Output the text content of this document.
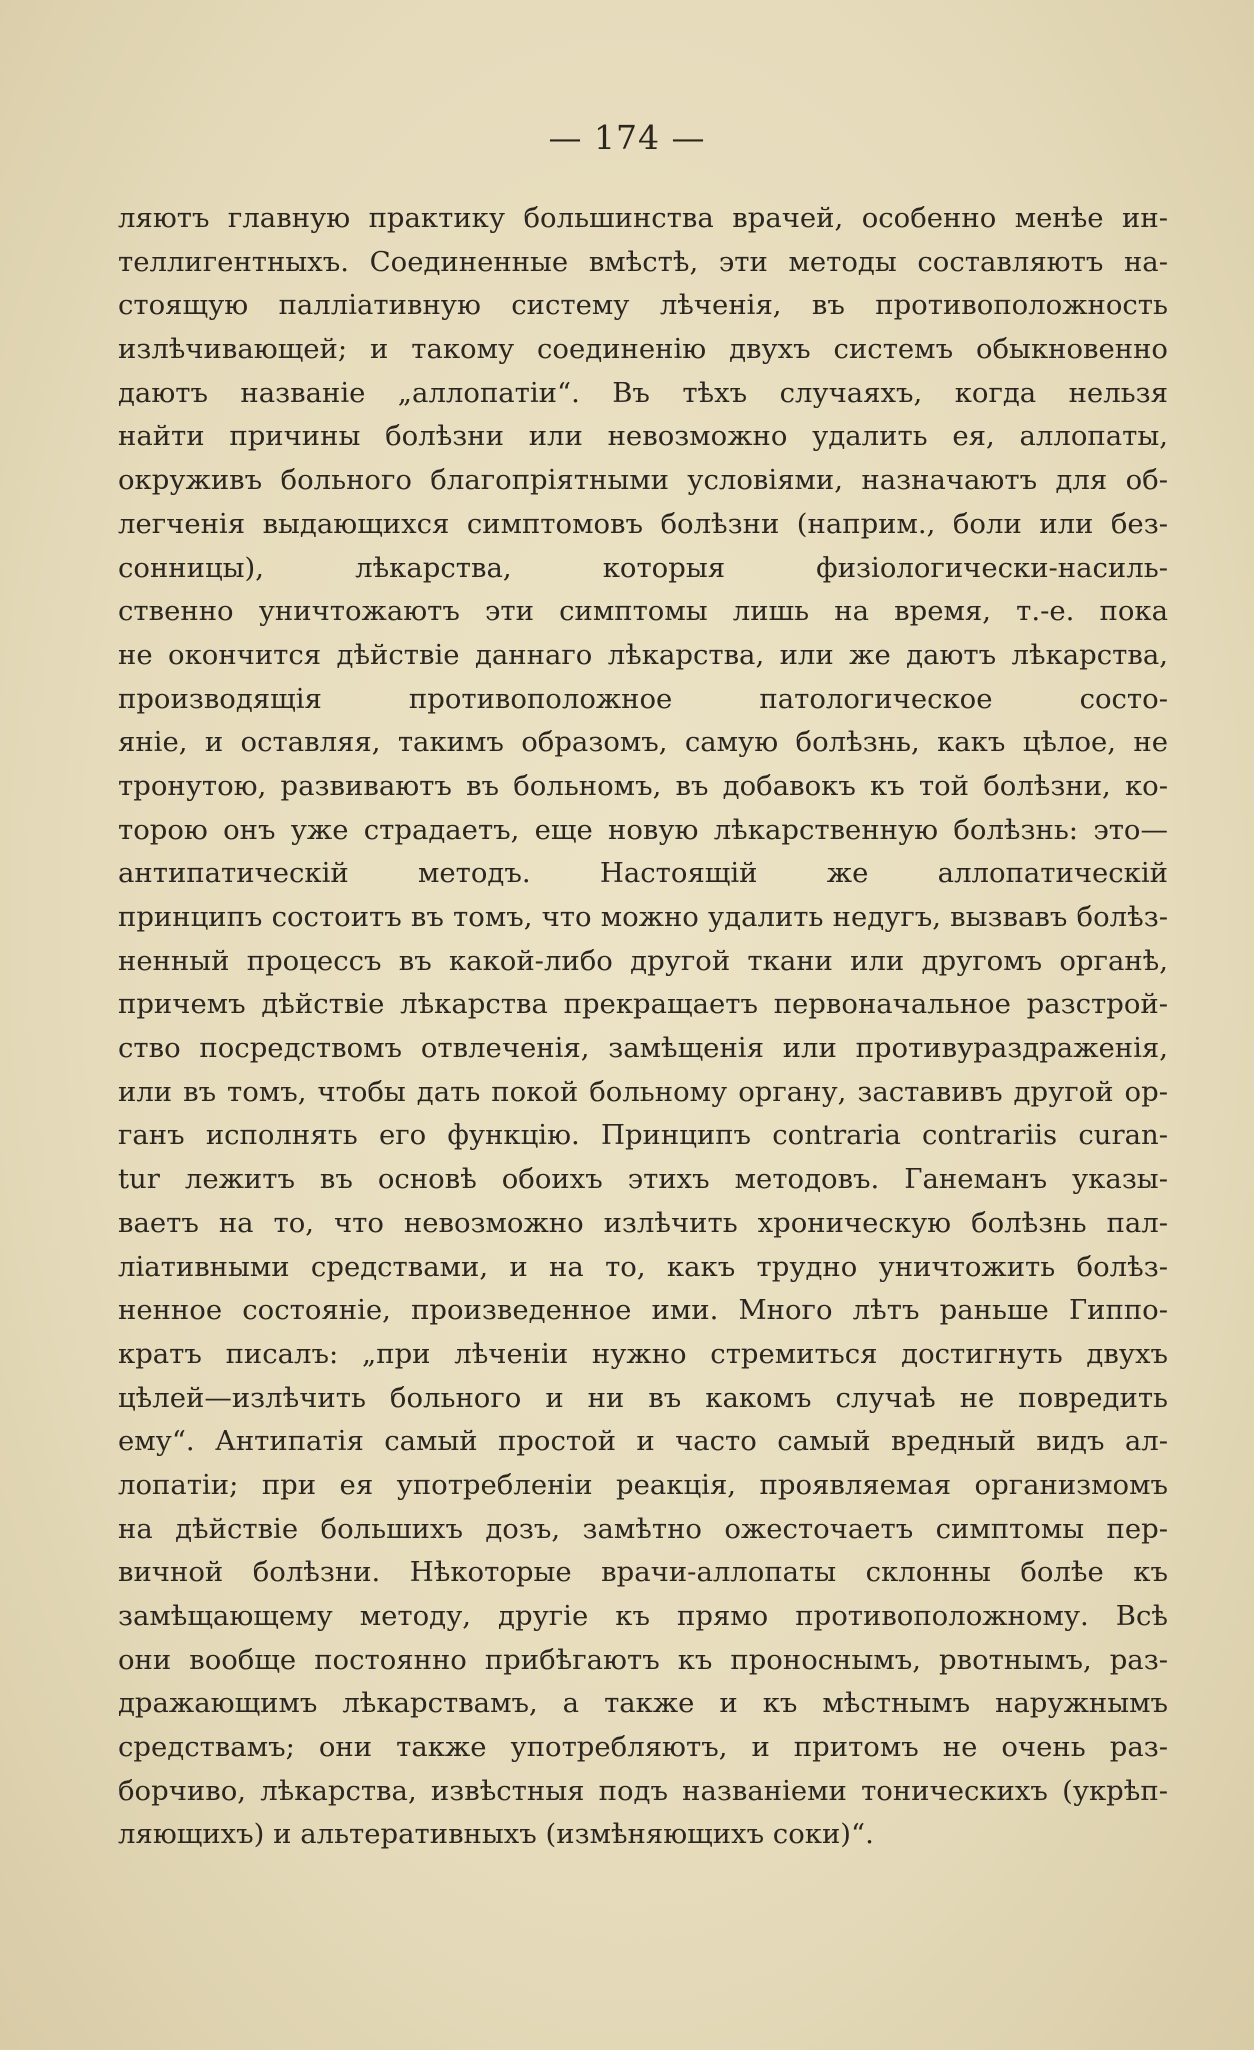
— 174 —
ляютъ главную практику большинства врачей, особенно менѣе ин-
теллигентныхъ. Соединенные вмѣстѣ, эти методы составляютъ на-
стоящую палліативную систему лѣченія, въ противоположность
излѣчивающей; и такому соединенію двухъ системъ обыкновенно
даютъ названіе „аллопатіи“. Въ тѣхъ случаяхъ, когда нельзя
найти причины болѣзни или невозможно удалить ея, аллопаты,
окруживъ больного благопріятными условіями, назначаютъ для об-
легченія выдающихся симптомовъ болѣзни (наприм., боли или без-
сонницы), лѣкарства, которыя физіологически-насиль-
ственно уничтожаютъ эти симптомы лишь на время, т.-е. пока
не окончится дѣйствіе даннаго лѣкарства, или же даютъ лѣкарства,
производящія противоположное патологическое состо-
яніе, и оставляя, такимъ образомъ, самую болѣзнь, какъ цѣлое, не
тронутою, развиваютъ въ больномъ, въ добавокъ къ той болѣзни, ко-
торою онъ уже страдаетъ, еще новую лѣкарственную болѣзнь: это—
антипатическій методъ. Настоящій же аллопатическій
принципъ состоитъ въ томъ, что можно удалить недугъ, вызвавъ болѣз-
ненный процессъ въ какой-либо другой ткани или другомъ органѣ,
причемъ дѣйствіе лѣкарства прекращаетъ первоначальное разстрой-
ство посредствомъ отвлеченія, замѣщенія или противураздраженія,
или въ томъ, чтобы дать покой больному органу, заставивъ другой ор-
ганъ исполнять его функцію. Принципъ contraria contrariis curan-
tur лежитъ въ основѣ обоихъ этихъ методовъ. Ганеманъ указы-
ваетъ на то, что невозможно излѣчить хроническую болѣзнь пал-
ліативными средствами, и на то, какъ трудно уничтожить болѣз-
ненное состояніе, произведенное ими. Много лѣтъ раньше Гиппо-
кратъ писалъ: „при лѣченіи нужно стремиться достигнуть двухъ
цѣлей—излѣчить больного и ни въ какомъ случаѣ не повредить
ему“. Антипатія самый простой и часто самый вредный видъ ал-
лопатіи; при ея употребленіи реакція, проявляемая организмомъ
на дѣйствіе большихъ дозъ, замѣтно ожесточаетъ симптомы пер-
вичной болѣзни. Нѣкоторые врачи-аллопаты склонны болѣе къ
замѣщающему методу, другіе къ прямо противоположному. Всѣ
они вообще постоянно прибѣгаютъ къ проноснымъ, рвотнымъ, раз-
дражающимъ лѣкарствамъ, а также и къ мѣстнымъ наружнымъ
средствамъ; они также употребляютъ, и притомъ не очень раз-
борчиво, лѣкарства, извѣстныя подъ названіеми тоническихъ (укрѣп-
ляющихъ) и альтеративныхъ (измѣняющихъ соки)“.
